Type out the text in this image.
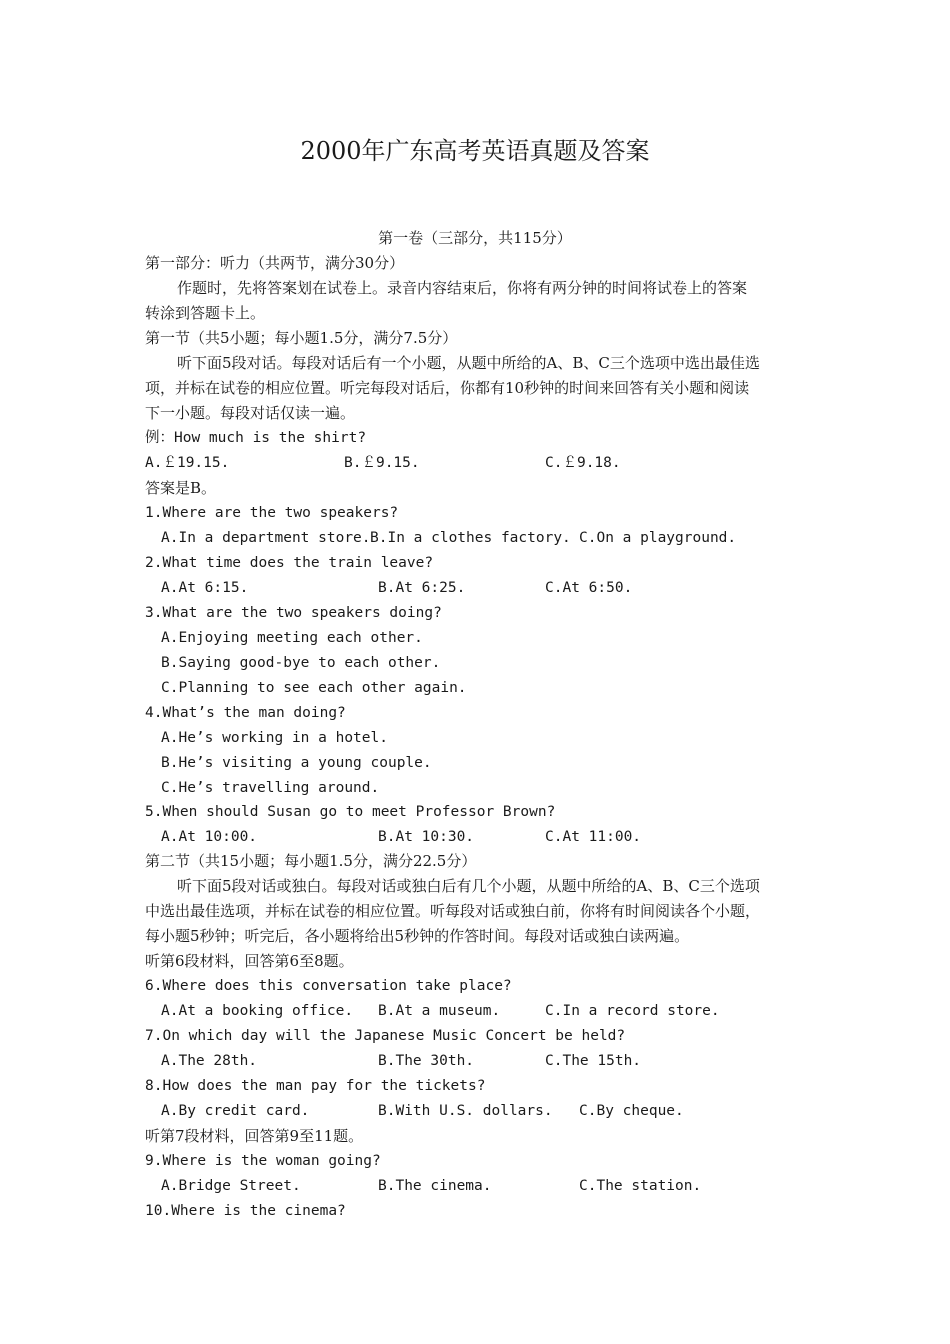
2000年广东高考英语真题及答案
第一卷（三部分，共115分）
第一部分：听力（共两节，满分30分）
作题时，先将答案划在试卷上。录音内容结束后，你将有两分钟的时间将试卷上的答案
转涂到答题卡上。
第一节（共5小题；每小题1.5分，满分7.5分）
听下面5段对话。每段对话后有一个小题，从题中所给的A、B、C三个选项中选出最佳选
项，并标在试卷的相应位置。听完每段对话后，你都有10秒钟的时间来回答有关小题和阅读
下一小题。每段对话仅读一遍。
例：How much is the shirt?
A.￡19.15.	B.￡9.15.	C.￡9.18.
答案是B。
1.Where are the two speakers?
A.In a department store. B.In a clothes factory. C.On a playground.
2.What time does the train leave?
A.At 6:15.	B.At 6:25.	C.At 6:50.
3.What are the two speakers doing?
A.Enjoying meeting each other.
B.Saying good-bye to each other.
C.Planning to see each other again.
4.What’s the man doing?
A.He’s working in a hotel.
B.He’s visiting a young couple.
C.He’s travelling around.
5.When should Susan go to meet Professor Brown?
A.At 10:00.	B.At 10:30.	C.At 11:00.
第二节（共15小题；每小题1.5分，满分22.5分）
听下面5段对话或独白。每段对话或独白后有几个小题，从题中所给的A、B、C三个选项
中选出最佳选项，并标在试卷的相应位置。听每段对话或独白前，你将有时间阅读各个小题，
每小题5秒钟；听完后，各小题将给出5秒钟的作答时间。每段对话或独白读两遍。
听第6段材料，回答第6至8题。
6.Where does this conversation take place?
A.At a booking office. B.At a museum.	C.In a record store.
7.On which day will the Japanese Music Concert be held?
A.The 28th.	B.The 30th.	C.The 15th.
8.How does the man pay for the tickets?
A.By credit card.	B.With U.S. dollars. C.By cheque.
听第7段材料，回答第9至11题。
9.Where is the woman going?
A.Bridge Street.	B.The cinema.	C.The station.
10.Where is the cinema?
